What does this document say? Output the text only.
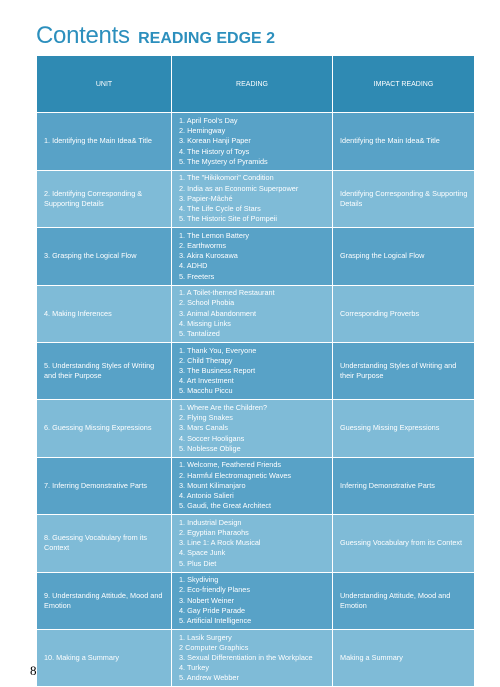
Contents READING EDGE 2
UNIT	READING	IMPACT READING
1. Identifying the Main Idea& Title	1. April Fool's Day
2. Hemingway
3. Korean Hanji Paper
4. The History of Toys
5. The Mystery of Pyramids	Identifying the Main Idea& Title
2. Identifying Corresponding & Supporting Details	1. The "Hikikomori" Condition
2. India as an Economic Superpower
3. Papier-Mâché
4. The Life Cycle of Stars
5. The Historic Site of Pompeii	Identifying Corresponding & Supporting Details
3. Grasping the Logical Flow	1. The Lemon Battery
2. Earthworms
3. Akira Kurosawa
4. ADHD
5. Freeters	Grasping the Logical Flow
4. Making Inferences	1. A Toilet-themed Restaurant
2. School Phobia
3. Animal Abandonment
4. Missing Links
5. Tantalized	Corresponding Proverbs
5. Understanding Styles of Writing and their Purpose	1. Thank You, Everyone
2. Child Therapy
3. The Business Report
4. Art Investment
5. Macchu Piccu	Understanding Styles of Writing and their Purpose
6. Guessing Missing Expressions	1. Where Are the Children?
2. Flying Snakes
3. Mars Canals
4. Soccer Hooligans
5. Noblesse Oblige	Guessing Missing Expressions
7. Inferring Demonstrative Parts	1. Welcome, Feathered Friends
2. Harmful Electromagnetic Waves
3. Mount Kilimanjaro
4. Antonio Salieri
5. Gaudi, the Great Architect	Inferring Demonstrative Parts
8. Guessing Vocabulary from its Context	1. Industrial Design
2. Egyptian Pharaohs
3. Line 1: A Rock Musical
4. Space Junk
5. Plus Diet	Guessing Vocabulary from its Context
9. Understanding Attitude, Mood and Emotion	1. Skydiving
2. Eco-friendly Planes
3. Nobert Weiner
4. Gay Pride Parade
5. Artificial Intelligence	Understanding Attitude, Mood and Emotion
10. Making a Summary	1. Lasik Surgery
2 Computer Graphics
3. Sexual Differentiation in the Workplace
4. Turkey
5. Andrew Webber	Making a Summary
8
